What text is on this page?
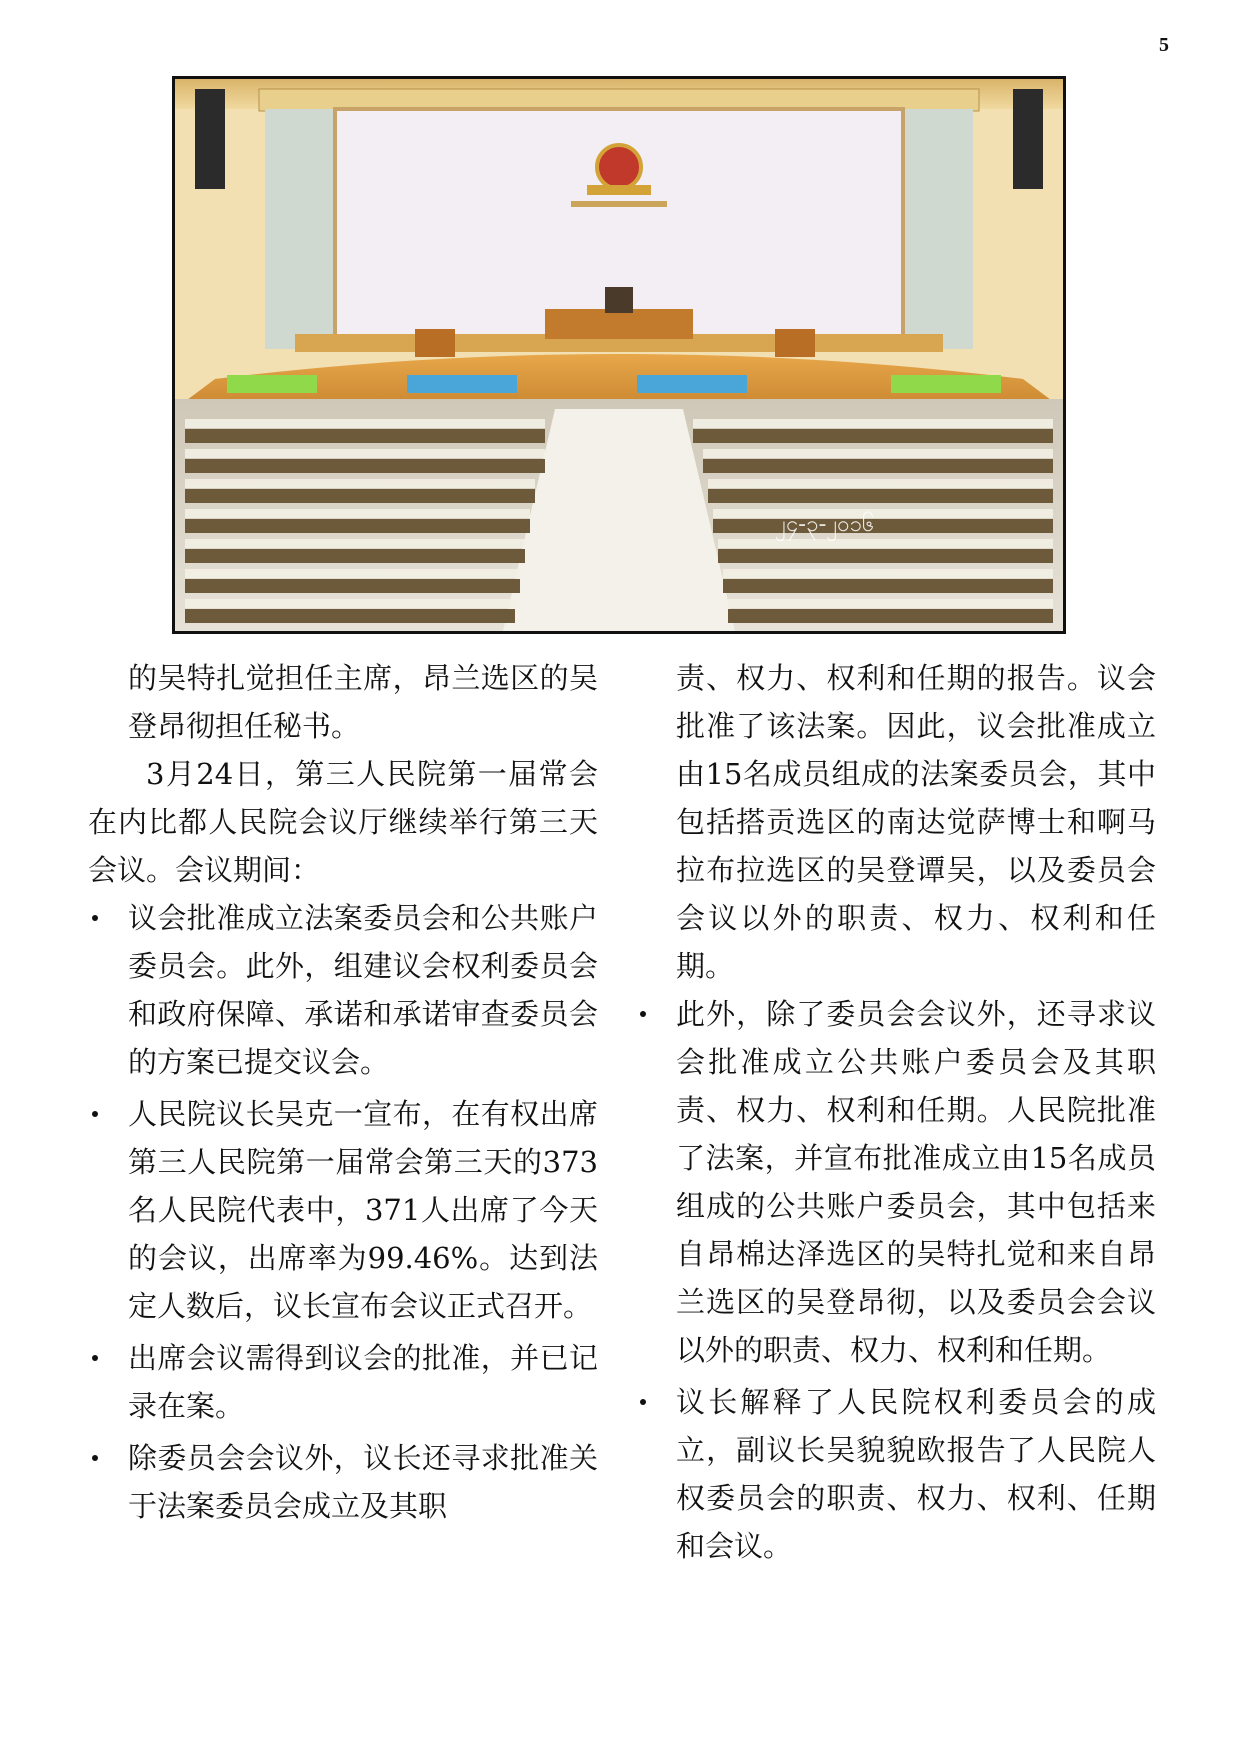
5
၂၄-၃-၂၀၁၆

的吴特扎觉担任主席，昂兰选区的吴登昂彻担任秘书。

3月24日，第三人民院第一届常会在内比都人民院会议厅继续举行第三天会议。会议期间：

议会批准成立法案委员会和公共账户委员会。此外，组建议会权利委员会和政府保障、承诺和承诺审查委员会的方案已提交议会。
人民院议长吴克一宣布，在有权出席第三人民院第一届常会第三天的373名人民院代表中，371人出席了今天的会议，出席率为99.46%。达到法定人数后，议长宣布会议正式召开。
出席会议需得到议会的批准，并已记录在案。
除委员会会议外，议长还寻求批准关于法案委员会成立及其职

责、权力、权利和任期的报告。议会批准了该法案。因此，议会批准成立由15名成员组成的法案委员会，其中包括搭贡选区的南达觉萨博士和啊马拉布拉选区的吴登谭吴，以及委员会会议以外的职责、权力、权利和任期。

此外，除了委员会会议外，还寻求议会批准成立公共账户委员会及其职责、权力、权利和任期。人民院批准了法案，并宣布批准成立由15名成员组成的公共账户委员会，其中包括来自昂棉达泽选区的吴特扎觉和来自昂兰选区的吴登昂彻，以及委员会会议以外的职责、权力、权利和任期。
议长解释了人民院权利委员会的成立，副议长吴貌貌欧报告了人民院人权委员会的职责、权力、权利、任期和会议。
